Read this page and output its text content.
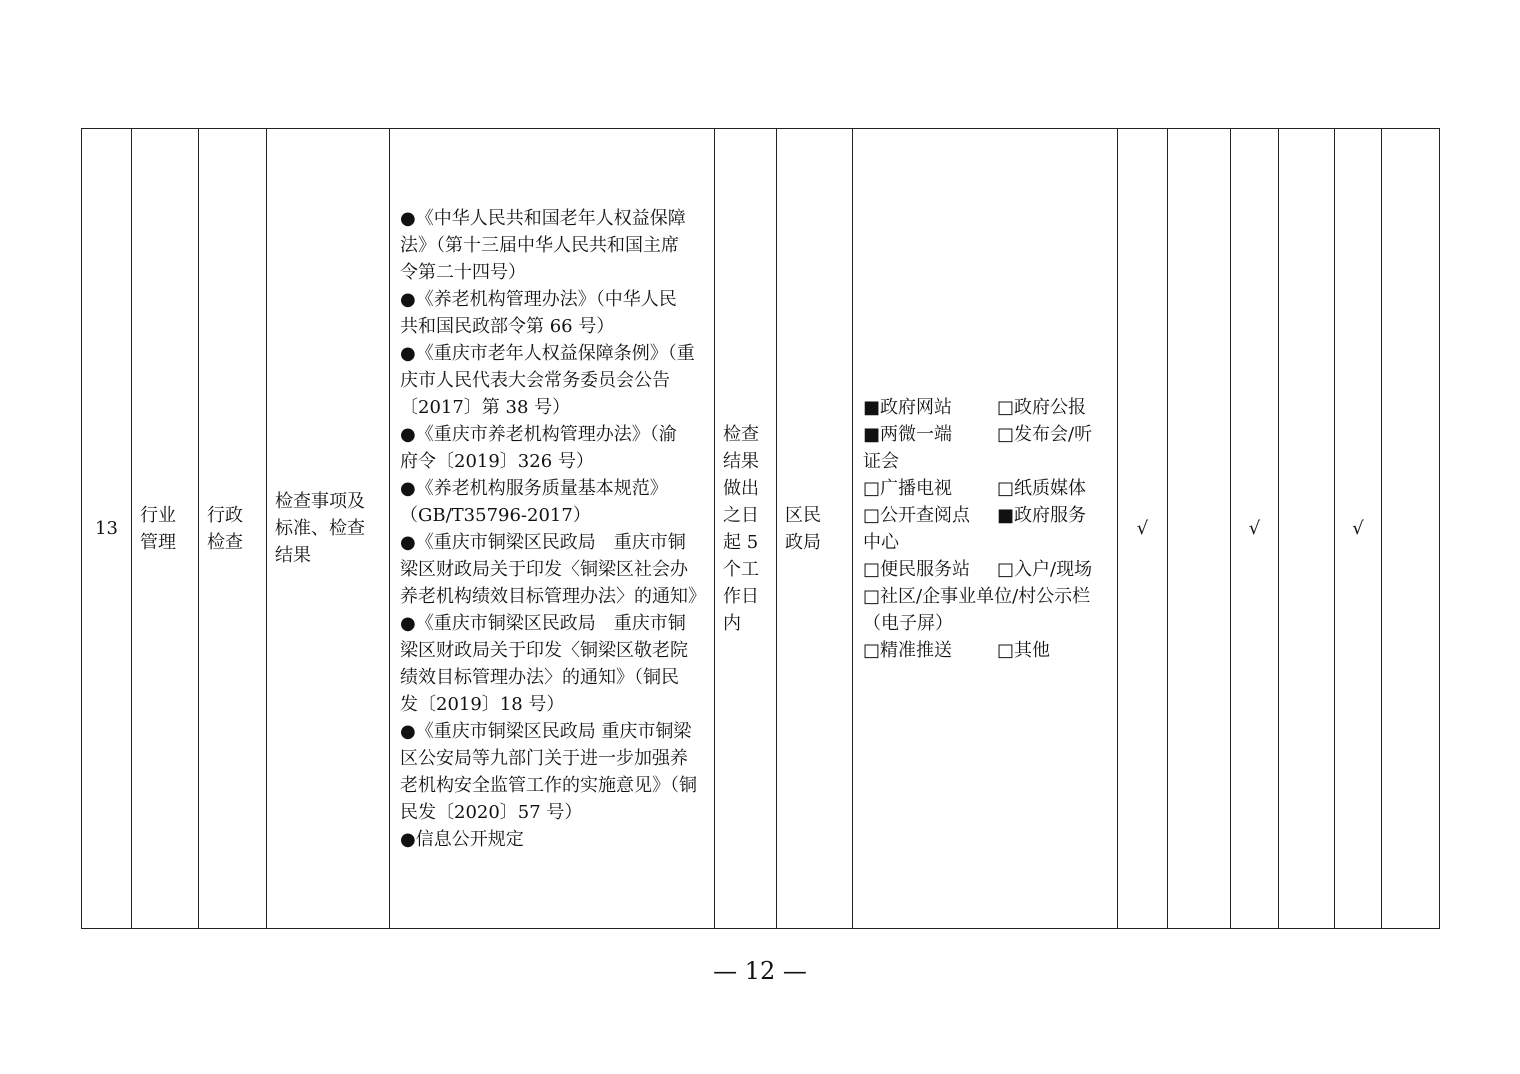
13	
行业
管理

行政
检查

检查事项及
标准、检查
结果

●《中华人民共和国老年人权益保障
法》（第十三届中华人民共和国主席
令第二十四号）
●《养老机构管理办法》（中华人民
共和国民政部令第 66 号）
●《重庆市老年人权益保障条例》（重
庆市人民代表大会常务委员会公告
〔2017〕第 38 号）
●《重庆市养老机构管理办法》（渝
府令〔2019〕326 号）
●《养老机构服务质量基本规范》
（GB/T35796-2017）
●《重庆市铜梁区民政局　重庆市铜
梁区财政局关于印发〈铜梁区社会办
养老机构绩效目标管理办法〉的通知》
●《重庆市铜梁区民政局　重庆市铜
梁区财政局关于印发〈铜梁区敬老院
绩效目标管理办法〉的通知》（铜民
发〔2019〕18 号）
●《重庆市铜梁区民政局 重庆市铜梁
区公安局等九部门关于进一步加强养
老机构安全监管工作的实施意见》（铜
民发〔2020〕57 号）
●信息公开规定

检查
结果
做出
之日
起 5
个工
作日
内

区民
政局

■政府网站 □政府公报
■两微一端 □发布会/听
证会
□广播电视 □纸质媒体
□公开查阅点 ■政府服务
中心
□便民服务站 □入户/现场
□社区/企事业单位/村公示栏
（电子屏）
□精准推送 □其他
	√		√		√	
— 12 —
